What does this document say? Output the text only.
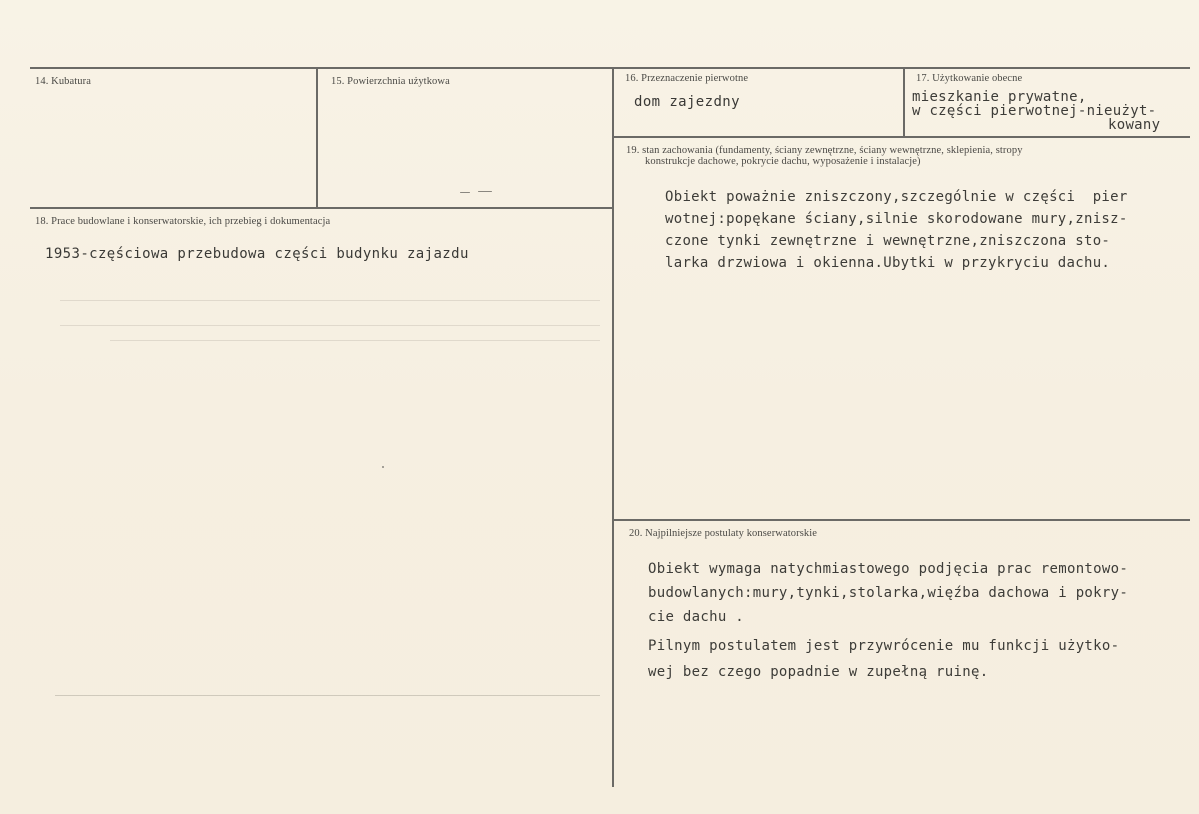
14. Kubatura	15. Powierzchnia użytkowa	16. Przeznaczenie pierwotne
dom zajezdny
17. Użytkowanie obecne
mieszkanie prywatne,
w części pierwotnej-nieużyt-
kowany
18. Prace budowlane i konserwatorskie, ich przebieg i dokumentacja
1953-częściowa przebudowa części budynku zajazdu
19. stan zachowania (fundamenty, ściany zewnętrzne, ściany wewnętrzne, sklepienia, stropy
konstrukcje dachowe, pokrycie dachu, wyposażenie i instalacje)
Obiekt poważnie zniszczony,szczególnie w części  pier
wotnej:popękane ściany,silnie skorodowane mury,znisz-
czone tynki zewnętrzne i wewnętrzne,zniszczona sto-
larka drzwiowa i okienna.Ubytki w przykryciu dachu.
20. Najpilniejsze postulaty konserwatorskie
Obiekt wymaga natychmiastowego podjęcia prac remontowo-
budowlanych:mury,tynki,stolarka,więźba dachowa i pokry-
cie dachu .
Pilnym postulatem jest przywrócenie mu funkcji użytko-
wej bez czego popadnie w zupełną ruinę.
